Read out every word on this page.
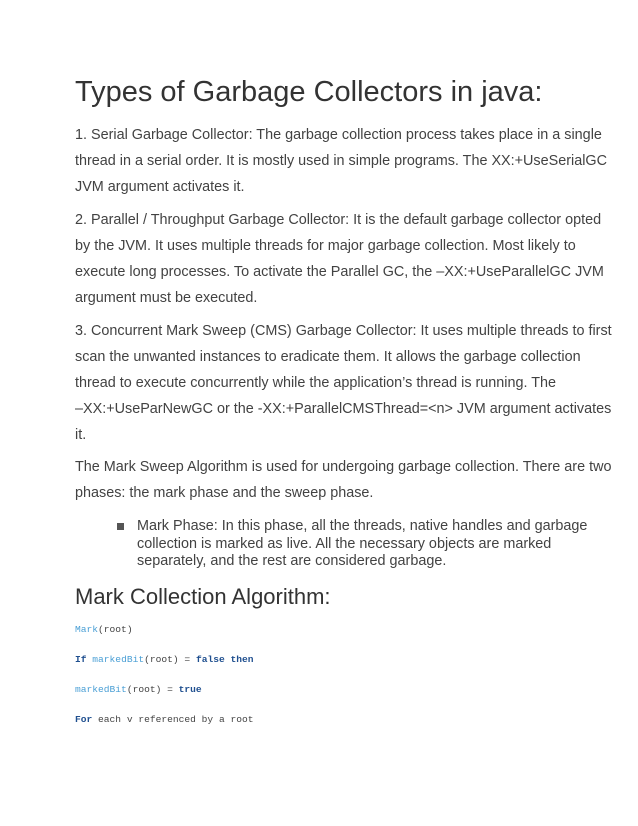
Types of Garbage Collectors in java:
1. Serial Garbage Collector: The garbage collection process takes place in a single
thread in a serial order. It is mostly used in simple programs. The XX:+UseSerialGC
JVM argument activates it.
2. Parallel / Throughput Garbage Collector: It is the default garbage collector opted
by the JVM. It uses multiple threads for major garbage collection. Most likely to
execute long processes. To activate the Parallel GC, the –XX:+UseParallelGC JVM
argument must be executed.
3. Concurrent Mark Sweep (CMS) Garbage Collector: It uses multiple threads to first
scan the unwanted instances to eradicate them. It allows the garbage collection
thread to execute concurrently while the application’s thread is running. The
–XX:+UseParNewGC or the -XX:+ParallelCMSThread=<n> JVM argument activates
it.
The Mark Sweep Algorithm is used for undergoing garbage collection. There are two
phases: the mark phase and the sweep phase.
Mark Phase: In this phase, all the threads, native handles and garbage
collection is marked as live. All the necessary objects are marked
separately, and the rest are considered garbage.
Mark Collection Algorithm:
Mark(root)
If markedBit(root) = false then
markedBit(root) = true
For each v referenced by a root
